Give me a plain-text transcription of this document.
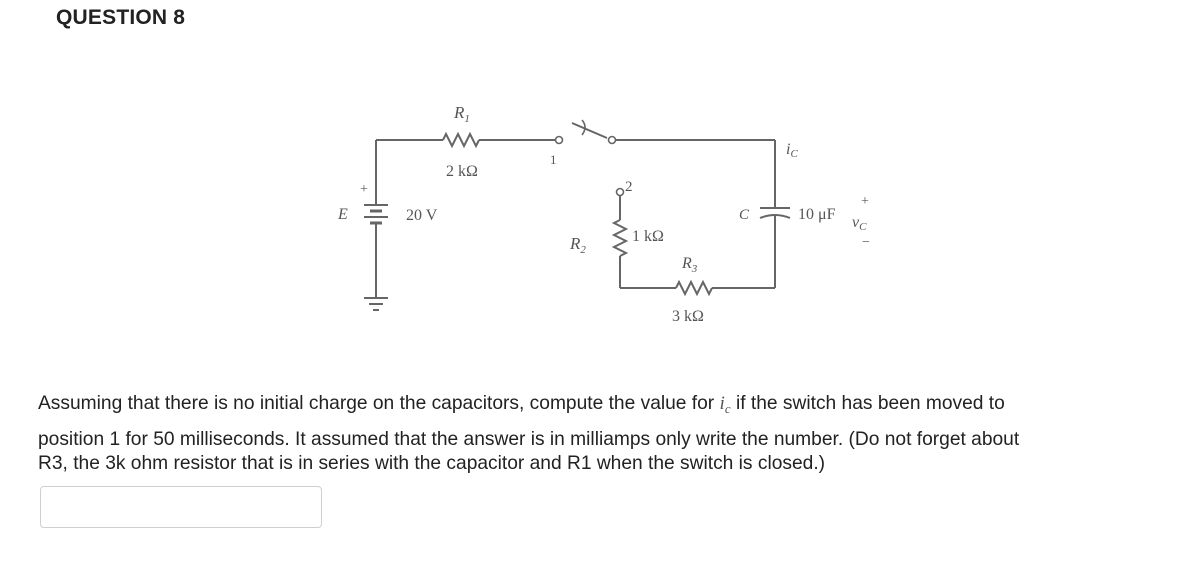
QUESTION 8
$R_1$
2 kΩ
1
2
+
E	20 V
$R_2$
1 kΩ
$R_3$
3 kΩ
C	10 μF
iC
+
vC
−
Assuming that there is no initial charge on the capacitors, compute the value for $i_c$ if the switch has been moved to
position 1 for 50 milliseconds. It assumed that the answer is in milliamps only write the number. (Do not forget about
R3, the 3k ohm resistor that is in series with the capacitor and R1 when the switch is closed.)
